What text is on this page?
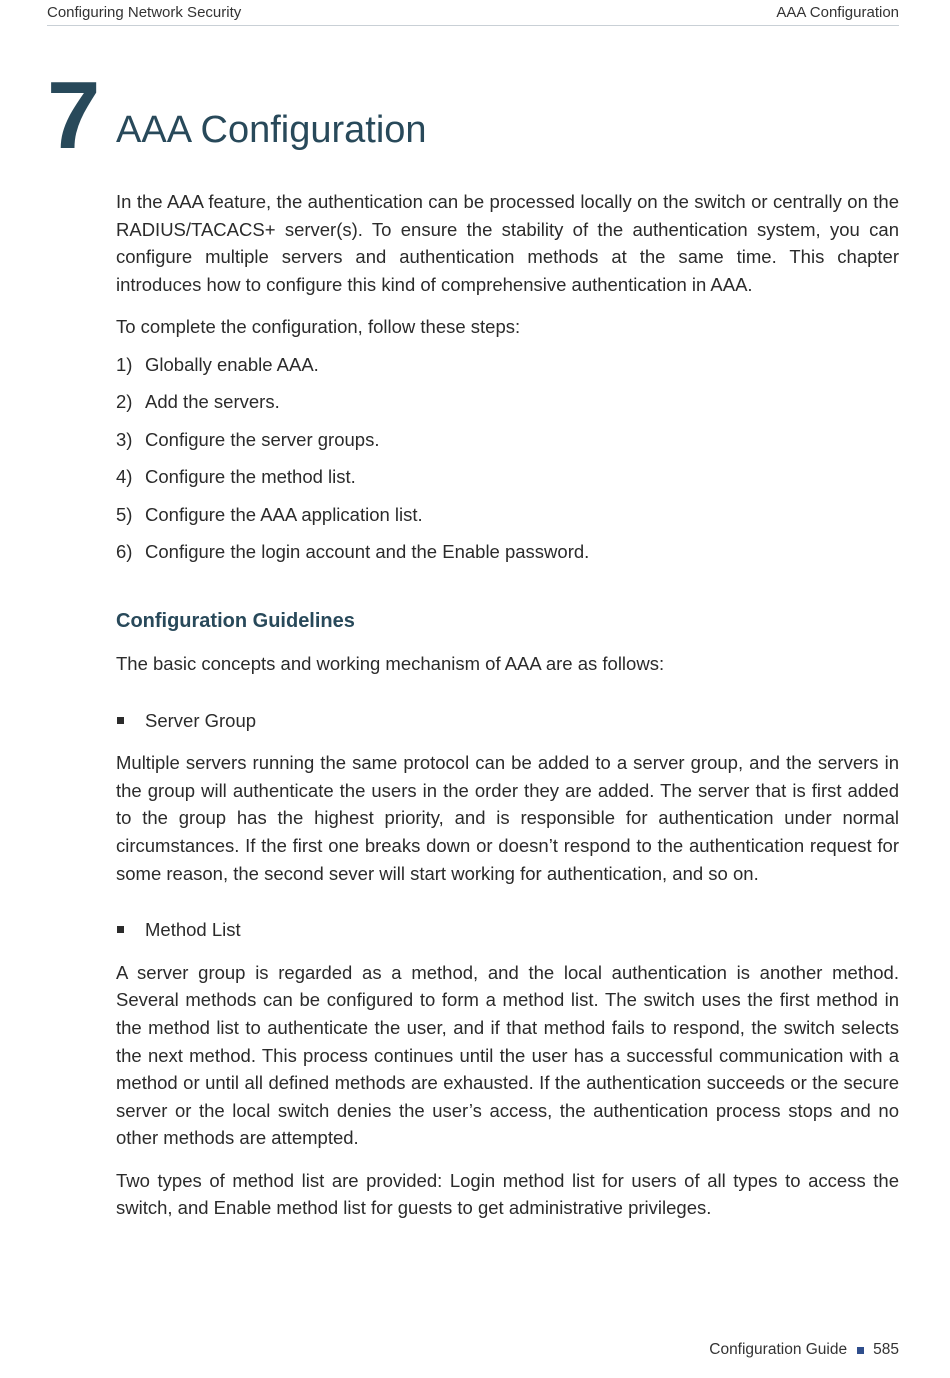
Configuring Network Security	AAA Configuration
7 AAA Configuration

In the AAA feature, the authentication can be processed locally on the switch or centrally on the RADIUS/TACACS+ server(s). To ensure the stability of the authentication system, you can configure multiple servers and authentication methods at the same time. This chapter introduces how to configure this kind of comprehensive authentication in AAA.

To complete the configuration, follow these steps:

1) Globally enable AAA.
2) Add the servers.
3) Configure the server groups.
4) Configure the method list.
5) Configure the AAA application list.
6) Configure the login account and the Enable password.
Configuration Guidelines

The basic concepts and working mechanism of AAA are as follows:

Server Group

Multiple servers running the same protocol can be added to a server group, and the servers in the group will authenticate the users in the order they are added. The server that is first added to the group has the highest priority, and is responsible for authentication under normal circumstances. If the first one breaks down or doesn’t respond to the authentication request for some reason, the second sever will start working for authentication, and so on.

Method List

A server group is regarded as a method, and the local authentication is another method. Several methods can be configured to form a method list. The switch uses the first method in the method list to authenticate the user, and if that method fails to respond, the switch selects the next method. This process continues until the user has a successful communication with a method or until all defined methods are exhausted. If the authentication succeeds or the secure server or the local switch denies the user’s access, the authentication process stops and no other methods are attempted.

Two types of method list are provided: Login method list for users of all types to access the switch, and Enable method list for guests to get administrative privileges.

Configuration Guide 585
